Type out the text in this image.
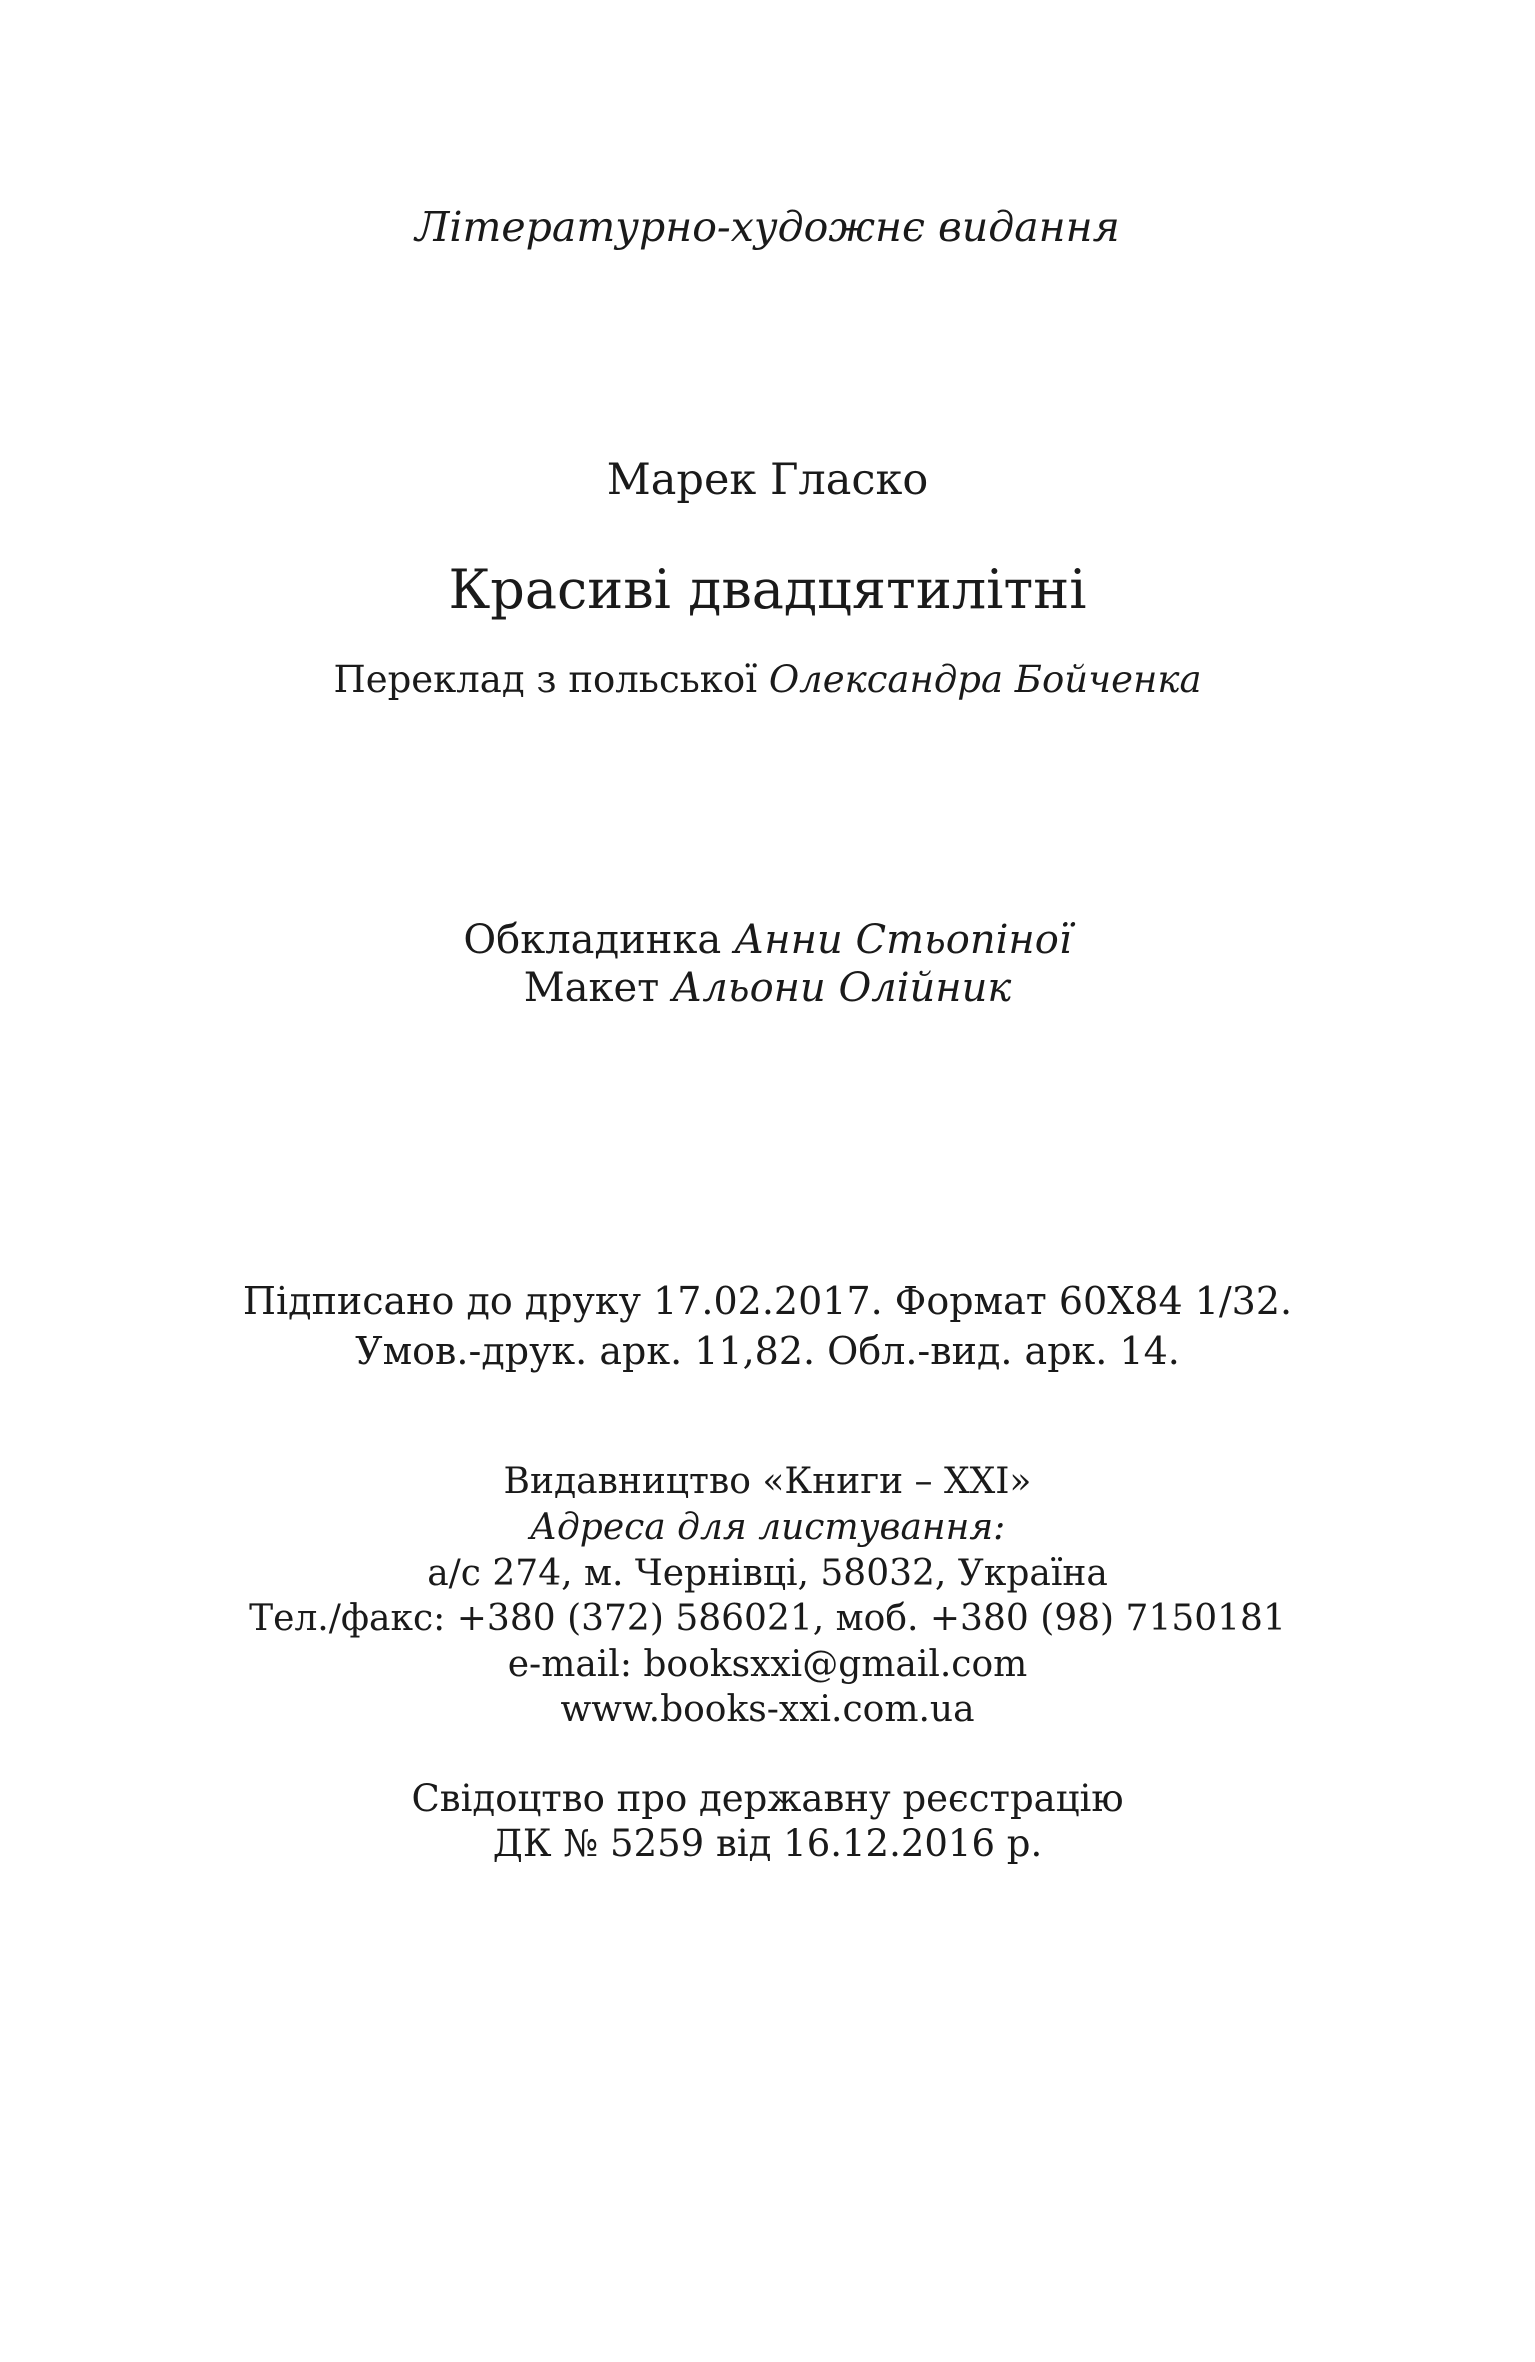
Літературно-художнє видання
Марек Гласко
Красиві двадцятилітні
Переклад з польської Олександра Бойченка
Обкладинка Анни Стьопіної
Макет Альони Олійник
Підписано до друку 17.02.2017. Формат 60Х84 1/32.
Умов.-друк. арк. 11,82. Обл.-вид. арк. 14.
Видавництво «Книги – XXI»
Адреса для листування:
а/с 274, м. Чернівці, 58032, Україна
Тел./факс: +380 (372) 586021, моб. +380 (98) 7150181
e-mail: booksxxi@gmail.com
www.books-xxi.com.ua
Свідоцтво про державну реєстрацію
ДК № 5259 від 16.12.2016 р.
